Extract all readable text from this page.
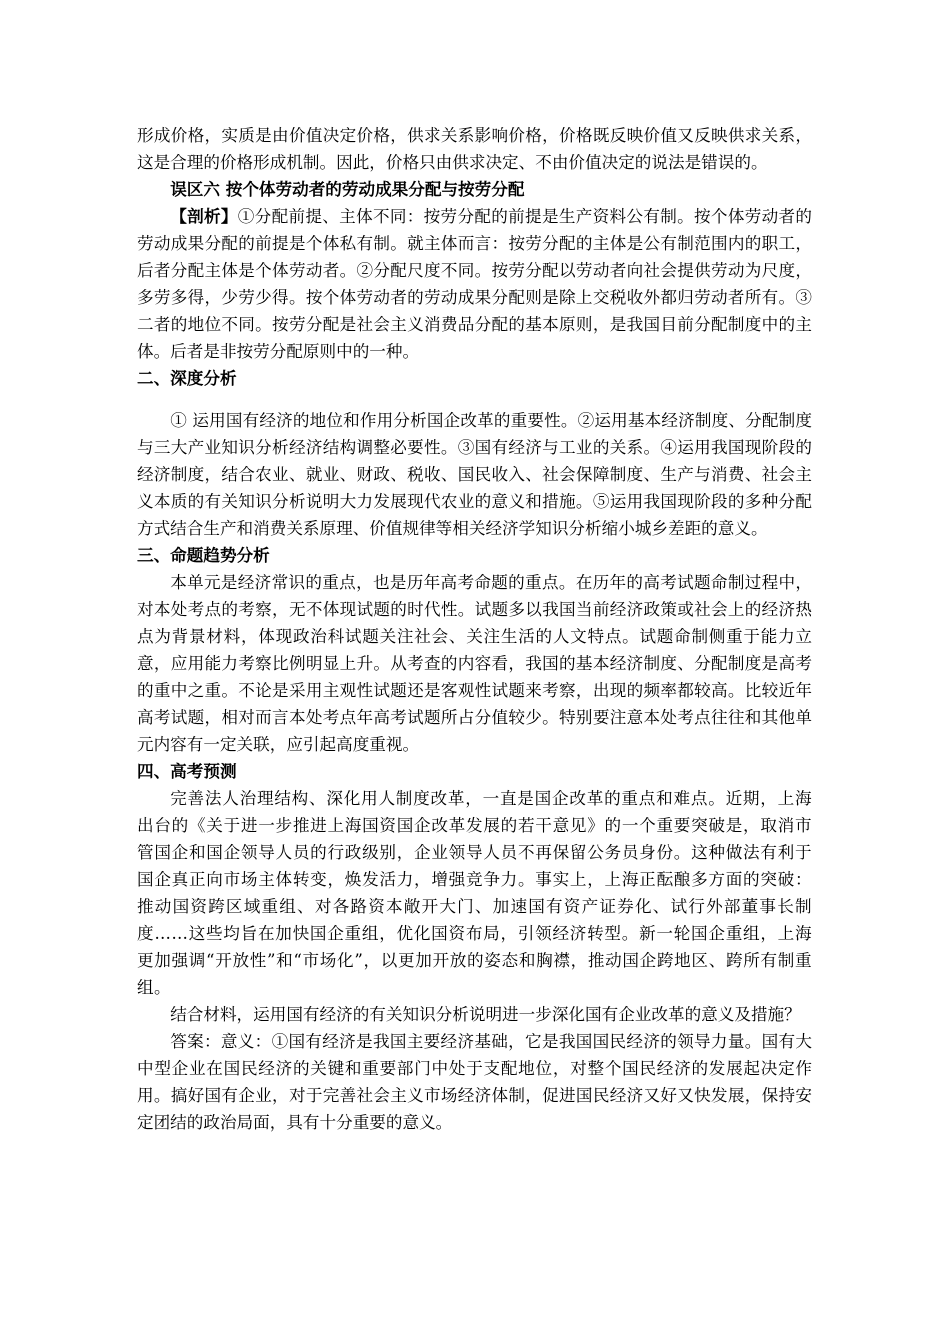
形成价格，实质是由价值决定价格，供求关系影响价格，价格既反映价值又反映供求关系，这是合理的价格形成机制。因此，价格只由供求决定、不由价值决定的说法是错误的。

误区六 按个体劳动者的劳动成果分配与按劳分配

【剖析】①分配前提、主体不同：按劳分配的前提是生产资料公有制。按个体劳动者的劳动成果分配的前提是个体私有制。就主体而言：按劳分配的主体是公有制范围内的职工，后者分配主体是个体劳动者。②分配尺度不同。按劳分配以劳动者向社会提供劳动为尺度，多劳多得，少劳少得。按个体劳动者的劳动成果分配则是除上交税收外都归劳动者所有。③二者的地位不同。按劳分配是社会主义消费品分配的基本原则，是我国目前分配制度中的主体。后者是非按劳分配原则中的一种。

二、深度分析

① 运用国有经济的地位和作用分析国企改革的重要性。②运用基本经济制度、分配制度与三大产业知识分析经济结构调整必要性。③国有经济与工业的关系。④运用我国现阶段的经济制度，结合农业、就业、财政、税收、国民收入、社会保障制度、生产与消费、社会主义本质的有关知识分析说明大力发展现代农业的意义和措施。⑤运用我国现阶段的多种分配方式结合生产和消费关系原理、价值规律等相关经济学知识分析缩小城乡差距的意义。

三、命题趋势分析

本单元是经济常识的重点，也是历年高考命题的重点。在历年的高考试题命制过程中，对本处考点的考察，无不体现试题的时代性。试题多以我国当前经济政策或社会上的经济热点为背景材料，体现政治科试题关注社会、关注生活的人文特点。试题命制侧重于能力立意，应用能力考察比例明显上升。从考查的内容看，我国的基本经济制度、分配制度是高考的重中之重。不论是采用主观性试题还是客观性试题来考察，出现的频率都较高。比较近年高考试题，相对而言本处考点年高考试题所占分值较少。特别要注意本处考点往往和其他单元内容有一定关联，应引起高度重视。

四、高考预测

完善法人治理结构、深化用人制度改革，一直是国企改革的重点和难点。近期，上海出台的《关于进一步推进上海国资国企改革发展的若干意见》的一个重要突破是，取消市管国企和国企领导人员的行政级别，企业领导人员不再保留公务员身份。这种做法有利于国企真正向市场主体转变，焕发活力，增强竞争力。事实上，上海正酝酿多方面的突破：推动国资跨区域重组、对各路资本敞开大门、加速国有资产证券化、试行外部董事长制度……这些均旨在加快国企重组，优化国资布局，引领经济转型。新一轮国企重组，上海更加强调“开放性”和“市场化”，以更加开放的姿态和胸襟，推动国企跨地区、跨所有制重组。

结合材料，运用国有经济的有关知识分析说明进一步深化国有企业改革的意义及措施？

答案：意义：①国有经济是我国主要经济基础，它是我国国民经济的领导力量。国有大中型企业在国民经济的关键和重要部门中处于支配地位，对整个国民经济的发展起决定作用。搞好国有企业，对于完善社会主义市场经济体制，促进国民经济又好又快发展，保持安定团结的政治局面，具有十分重要的意义。
